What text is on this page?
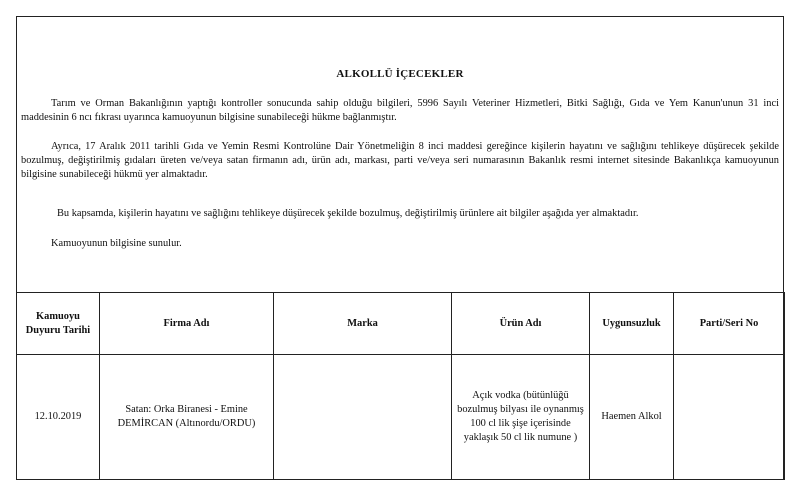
ALKOLLÜ İÇECEKLER
Tarım ve Orman Bakanlığının yaptığı kontroller sonucunda sahip olduğu bilgileri, 5996 Sayılı Veteriner Hizmetleri, Bitki Sağlığı, Gıda ve Yem Kanun'unun 31 inci maddesinin 6 ncı fıkrası uyarınca kamuoyunun bilgisine sunabileceği hükme bağlanmıştır.
Ayrıca, 17 Aralık 2011 tarihli Gıda ve Yemin Resmi Kontrolüne Dair Yönetmeliğin 8 inci maddesi gereğince kişilerin hayatını ve sağlığını tehlikeye düşürecek şekilde bozulmuş, değiştirilmiş gıdaları üreten ve/veya satan firmanın adı, ürün adı, markası, parti ve/veya seri numarasının Bakanlık resmi internet sitesinde Bakanlıkça kamuoyunun bilgisine sunabileceği hükmü yer almaktadır.
Bu kapsamda, kişilerin hayatını ve sağlığını tehlikeye düşürecek şekilde bozulmuş, değiştirilmiş ürünlere ait bilgiler aşağıda yer almaktadır.
Kamuoyunun bilgisine sunulur.
Kamuoyu Duyuru Tarihi	Firma Adı	Marka	Ürün Adı	Uygunsuzluk	Parti/Seri No
12.10.2019	Satan: Orka Biranesi - Emine DEMİRCAN (Altınordu/ORDU)		Açık vodka (bütünlüğü bozulmuş bilyası ile oynanmış 100 cl lik şişe içerisinde yaklaşık 50 cl lik numune )	Haemen Alkol	
